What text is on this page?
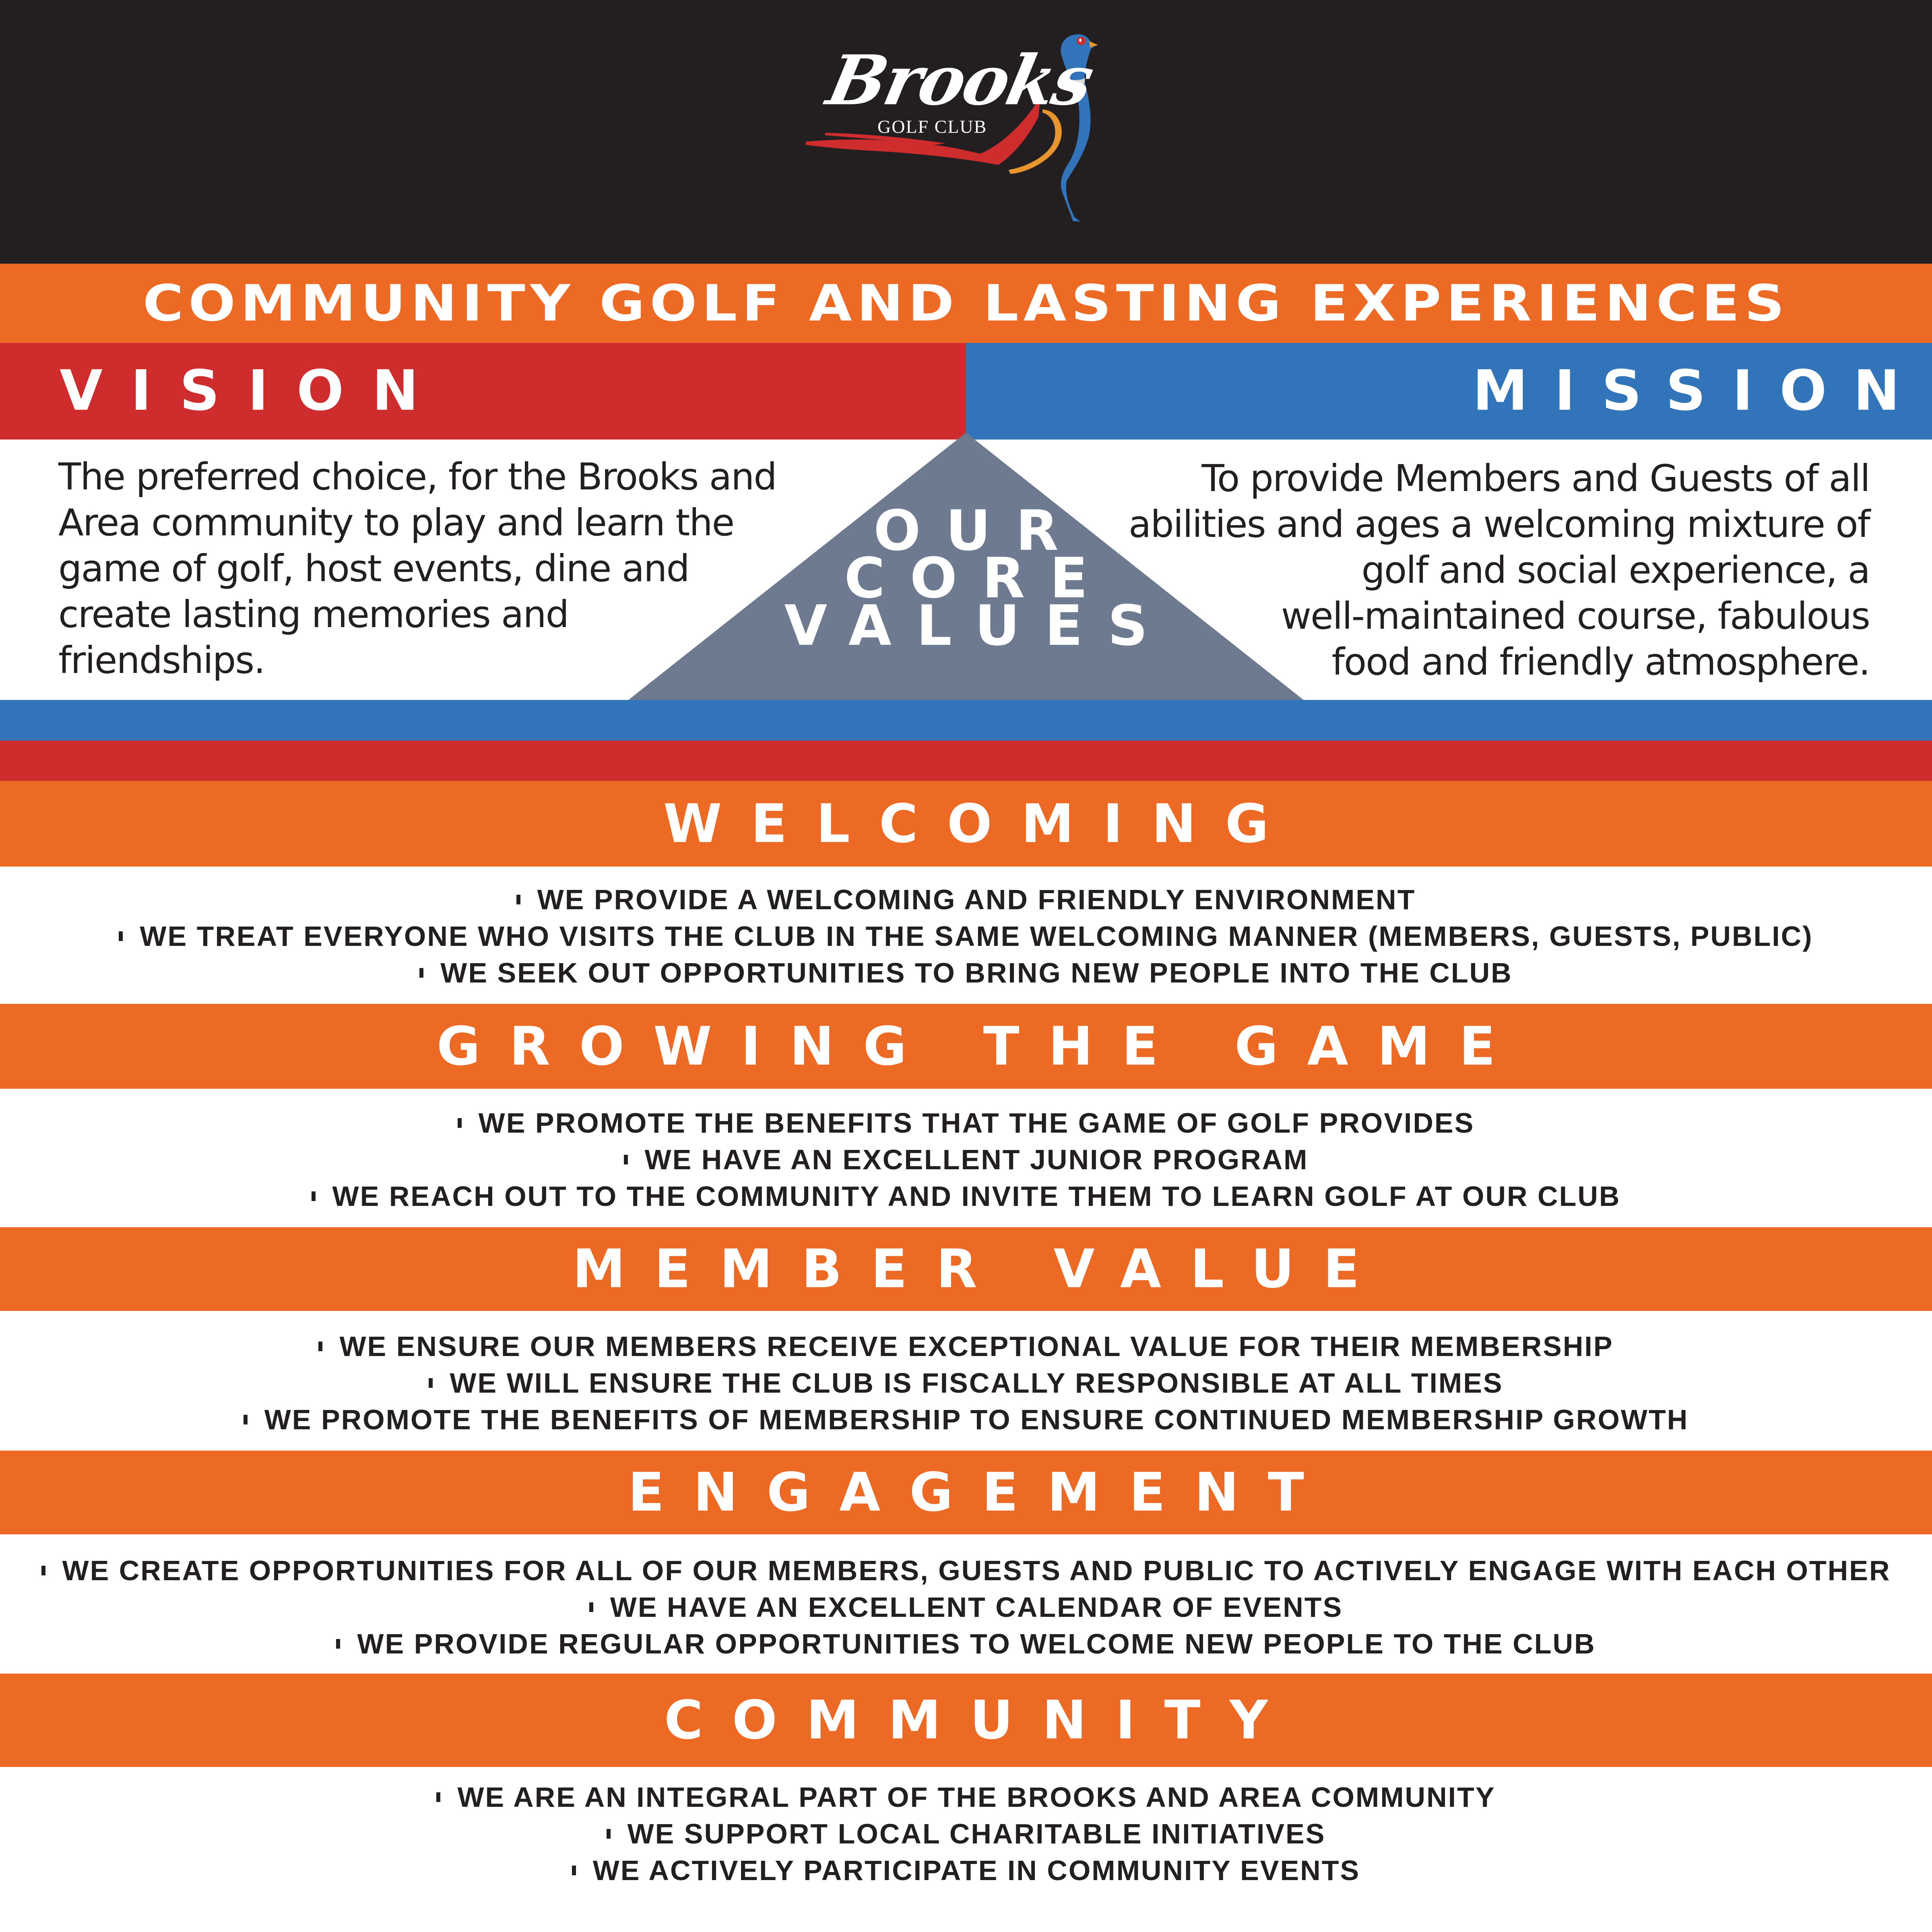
Brooks
GOLF CLUB
COMMUNITY GOLF AND LASTING EXPERIENCES
VISION	MISSION
The preferred choice, for the Brooks and
Area community to play and learn the
game of golf, host events, dine and
create lasting memories and
friendships.
To provide Members and Guests of all
abilities and ages a welcoming mixture of
golf and social experience, a
well-maintained course, fabulous
food and friendly atmosphere.
OUR
CORE
VALUES
WELCOMING
WE PROVIDE A WELCOMING AND FRIENDLY ENVIRONMENT
WE TREAT EVERYONE WHO VISITS THE CLUB IN THE SAME WELCOMING MANNER (MEMBERS, GUESTS, PUBLIC)
WE SEEK OUT OPPORTUNITIES TO BRING NEW PEOPLE INTO THE CLUB
GROWING THE GAME
WE PROMOTE THE BENEFITS THAT THE GAME OF GOLF PROVIDES
WE HAVE AN EXCELLENT JUNIOR PROGRAM
WE REACH OUT TO THE COMMUNITY AND INVITE THEM TO LEARN GOLF AT OUR CLUB
MEMBER VALUE
WE ENSURE OUR MEMBERS RECEIVE EXCEPTIONAL VALUE FOR THEIR MEMBERSHIP
WE WILL ENSURE THE CLUB IS FISCALLY RESPONSIBLE AT ALL TIMES
WE PROMOTE THE BENEFITS OF MEMBERSHIP TO ENSURE CONTINUED MEMBERSHIP GROWTH
ENGAGEMENT
WE CREATE OPPORTUNITIES FOR ALL OF OUR MEMBERS, GUESTS AND PUBLIC TO ACTIVELY ENGAGE WITH EACH OTHER
WE HAVE AN EXCELLENT CALENDAR OF EVENTS
WE PROVIDE REGULAR OPPORTUNITIES TO WELCOME NEW PEOPLE TO THE CLUB
COMMUNITY
WE ARE AN INTEGRAL PART OF THE BROOKS AND AREA COMMUNITY
WE SUPPORT LOCAL CHARITABLE INITIATIVES
WE ACTIVELY PARTICIPATE IN COMMUNITY EVENTS
